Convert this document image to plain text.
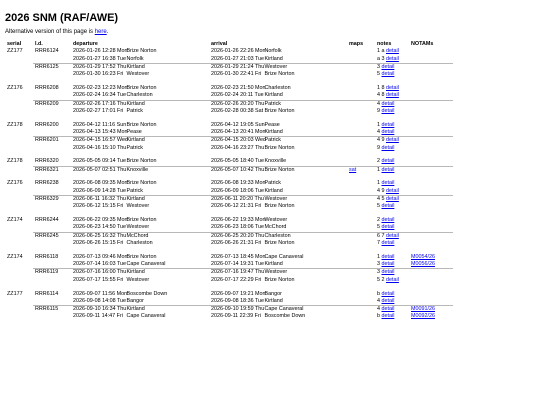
2026 SNM (RAF/AWE)

Alternative version of this page is here.

serial	l.d.	departure	arrival	maps	notes	NOTAMs
ZZ177	RRR6124	2026-01-26 12:28 Mon Brize Norton	2026-01-26 22:26 Mon Norfolk		1 a detail	
		2026-01-27 16:38 Tue Norfolk	2026-01-27 21:03 Tue Kirtland		a 3 detail	
	RRR6125	2026-01-29 17:52 Thu Kirtland	2026-01-29 21:24 Thu Westover		3 detail	
		2026-01-30 16:23 Fri Westover	2026-01-30 22:41 Fri Brize Norton		5 detail	

ZZ176	RRR6208	2026-02-23 12:23 Mon Brize Norton	2026-02-23 21:50 Mon Charleston		1 8 detail	
		2026-02-24 16:34 Tue Charleston	2026-02-24 20:11 Tue Kirtland		4 8 detail	
	RRR6209	2026-02-26 17:16 Thu Kirtland	2026-02-26 20:20 Thu Patrick		4 detail	
		2026-02-27 17:01 Fri Patrick	2026-02-28 00:38 Sat Brize Norton		9 detail	

ZZ178	RRR6200	2026-04-12 11:16 Sun Brize Norton	2026-04-12 19:05 Sun Pease		1 detail	
		2026-04-13 15:43 Mon Pease	2026-04-13 20:41 Mon Kirtland		4 detail	
	RRR6201	2026-04-15 16:57 Wed Kirtland	2026-04-15 20:03 Wed Patrick		4 9 detail	
		2026-04-16 15:10 Thu Patrick	2026-04-16 23:27 Thu Brize Norton		9 detail	

ZZ178	RRR6320	2026-05-05 09:14 Tue Brize Norton	2026-05-05 18:40 Tue Knoxville		2 detail	
	RRR6321	2026-05-07 02:51 Thu Knoxville	2026-05-07 10:42 Thu Brize Norton	sat	1 detail	

ZZ176	RRR6238	2026-06-08 09:35 Mon Brize Norton	2026-06-08 19:33 Mon Patrick		1 detail	
		2026-06-09 14:28 Tue Patrick	2026-06-09 18:06 Tue Kirtland		4 9 detail	
	RRR6329	2026-06-11 16:32 Thu Kirtland	2026-06-11 20:20 Thu Westover		4 5 detail	
		2026-06-12 15:15 Fri Westover	2026-06-12 21:31 Fri Brize Norton		5 detail	

ZZ174	RRR6244	2026-06-22 09:35 Mon Brize Norton	2026-06-22 19:33 Mon Westover		2 detail	
		2026-06-23 14:50 Tue Westover	2026-06-23 18:06 Tue McChord		5 detail	
	RRR6245	2026-06-25 16:32 Thu McChord	2026-06-25 20:20 Thu Charleston		6 7 detail	
		2026-06-26 15:15 Fri Charleston	2026-06-26 21:31 Fri Brize Norton		7 detail	

ZZ174	RRR6118	2026-07-13 09:46 Mon Brize Norton	2026-07-13 18:45 Mon Cape Canaveral		1 detail	M0054/26
		2026-07-14 16:03 Tue Cape Canaveral	2026-07-14 19:31 Tue Kirtland		3 detail	M0056/26
	RRR6119	2026-07-16 16:00 Thu Kirtland	2026-07-16 19:47 Thu Westover		3 detail	
		2026-07-17 15:55 Fri Westover	2026-07-17 22:29 Fri Brize Norton		5 2 detail	

ZZ177	RRR6114	2026-09-07 11:56 Mon Boscombe Down	2026-09-07 19:21 Mon Bangor		b detail	
		2026-09-08 14:08 Tue Bangor	2026-09-08 18:36 Tue Kirtland		4 detail	
	RRR6115	2026-09-10 16:34 Thu Kirtland	2026-09-10 19:59 Thu Cape Canaveral		4 detail	M0091/26
		2026-09-11 14:47 Fri Cape Canaveral	2026-09-11 22:39 Fri Boscombe Down		b detail	M0092/26
